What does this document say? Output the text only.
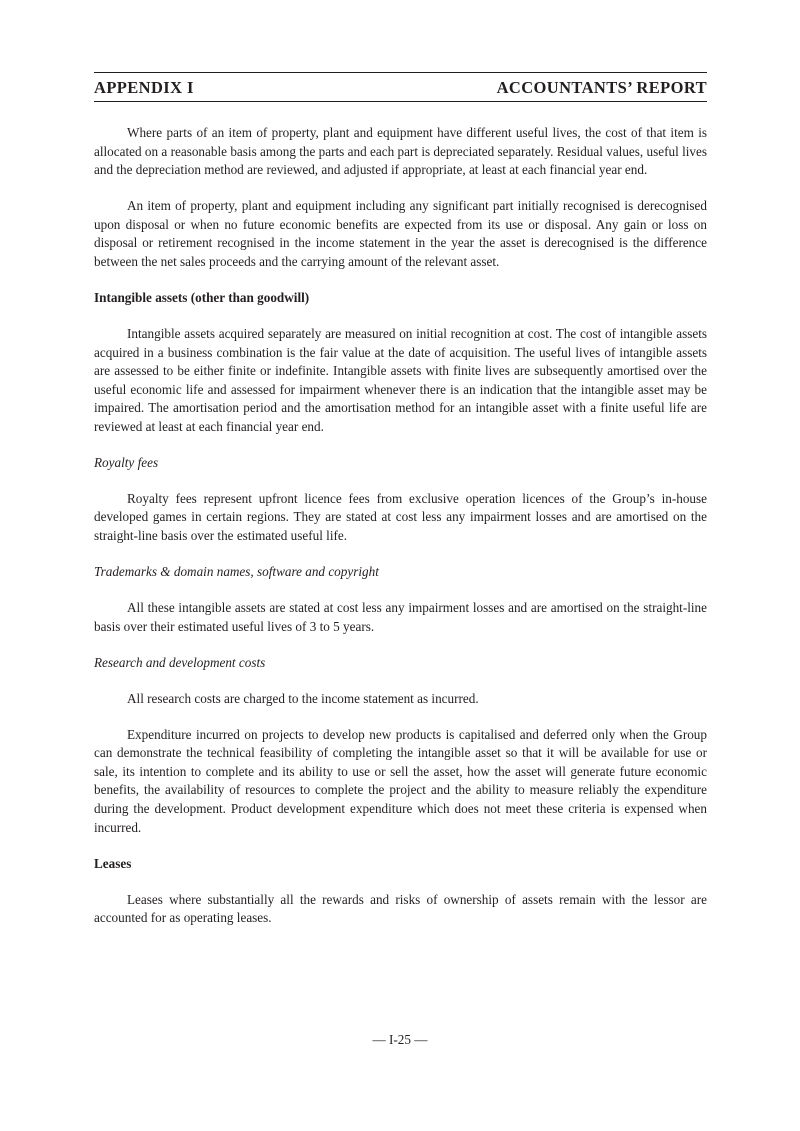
APPENDIX I	ACCOUNTANTS’ REPORT

Where parts of an item of property, plant and equipment have different useful lives, the cost of that item is allocated on a reasonable basis among the parts and each part is depreciated separately. Residual values, useful lives and the depreciation method are reviewed, and adjusted if appropriate, at least at each financial year end.

An item of property, plant and equipment including any significant part initially recognised is derecognised upon disposal or when no future economic benefits are expected from its use or disposal. Any gain or loss on disposal or retirement recognised in the income statement in the year the asset is derecognised is the difference between the net sales proceeds and the carrying amount of the relevant asset.

Intangible assets (other than goodwill)

Intangible assets acquired separately are measured on initial recognition at cost. The cost of intangible assets acquired in a business combination is the fair value at the date of acquisition. The useful lives of intangible assets are assessed to be either finite or indefinite. Intangible assets with finite lives are subsequently amortised over the useful economic life and assessed for impairment whenever there is an indication that the intangible asset may be impaired. The amortisation period and the amortisation method for an intangible asset with a finite useful life are reviewed at least at each financial year end.

Royalty fees

Royalty fees represent upfront licence fees from exclusive operation licences of the Group’s in-house developed games in certain regions. They are stated at cost less any impairment losses and are amortised on the straight-line basis over the estimated useful life.

Trademarks & domain names, software and copyright

All these intangible assets are stated at cost less any impairment losses and are amortised on the straight-line basis over their estimated useful lives of 3 to 5 years.

Research and development costs

All research costs are charged to the income statement as incurred.

Expenditure incurred on projects to develop new products is capitalised and deferred only when the Group can demonstrate the technical feasibility of completing the intangible asset so that it will be available for use or sale, its intention to complete and its ability to use or sell the asset, how the asset will generate future economic benefits, the availability of resources to complete the project and the ability to measure reliably the expenditure during the development. Product development expenditure which does not meet these criteria is expensed when incurred.

Leases

Leases where substantially all the rewards and risks of ownership of assets remain with the lessor are accounted for as operating leases.

— I-25 —
